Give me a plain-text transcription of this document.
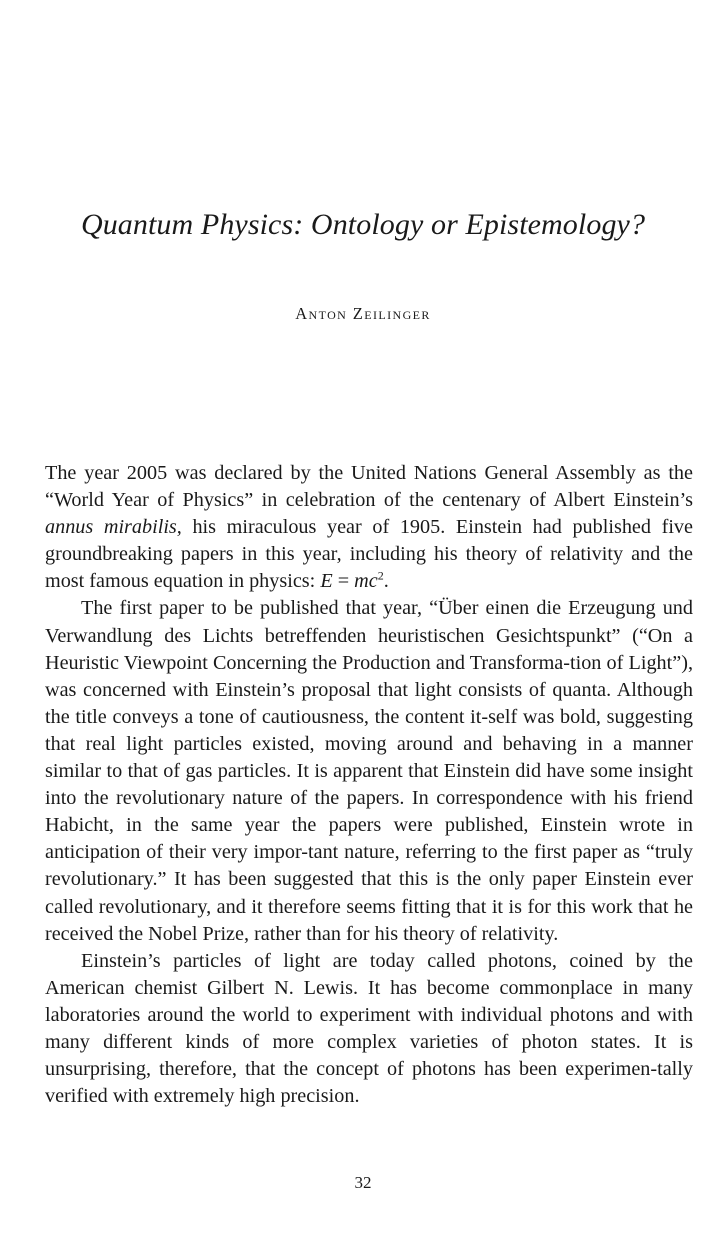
Quantum Physics: Ontology or Epistemology?
Anton Zeilinger

The year 2005 was declared by the United Nations General Assembly as the “World Year of Physics” in celebration of the centenary of Albert Einstein’s annus mirabilis, his miraculous year of 1905. Einstein had published five groundbreaking papers in this year, including his theory of relativity and the most famous equation in physics: $E = mc^2$.

The first paper to be published that year, “Über einen die Erzeugung und Verwandlung des Lichts betreffenden heuristischen Gesichtspunkt” (“On a Heuristic Viewpoint Concerning the Production and Transforma-tion of Light”), was concerned with Einstein’s proposal that light consists of quanta. Although the title conveys a tone of cautiousness, the content it-self was bold, suggesting that real light particles existed, moving around and behaving in a manner similar to that of gas particles. It is apparent that Einstein did have some insight into the revolutionary nature of the papers. In correspondence with his friend Habicht, in the same year the papers were published, Einstein wrote in anticipation of their very impor-tant nature, referring to the first paper as “truly revolutionary.” It has been suggested that this is the only paper Einstein ever called revolutionary, and it therefore seems fitting that it is for this work that he received the Nobel Prize, rather than for his theory of relativity.

Einstein’s particles of light are today called photons, coined by the American chemist Gilbert N. Lewis. It has become commonplace in many laboratories around the world to experiment with individual photons and with many different kinds of more complex varieties of photon states. It is unsurprising, therefore, that the concept of photons has been experimen-tally verified with extremely high precision.

32
